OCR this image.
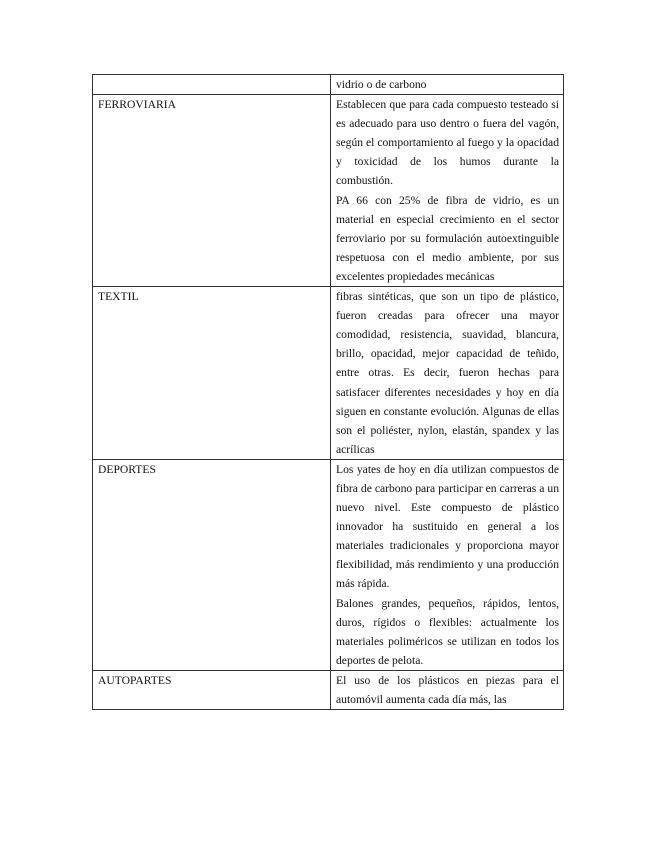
	vidrio o de carbono

FERROVIARIA	Establecen que para cada compuesto testeado si es adecuado para uso dentro o fuera del vagón, según el comportamiento al fuego y la opacidad y toxicidad de los humos durante la combustión.

PA 66 con 25% de fibra de vidrio, es un material en especial crecimiento en el sector ferroviario por su formulación autoextinguible respetuosa con el medio ambiente, por sus excelentes propiedades mecánicas

TEXTIL	fibras sintéticas, que son un tipo de plástico, fueron creadas para ofrecer una mayor comodidad, resistencia, suavidad, blancura, brillo, opacidad, mejor capacidad de teñido, entre otras. Es decir, fueron hechas para satisfacer diferentes necesidades y hoy en día siguen en constante evolución. Algunas de ellas son el poliéster, nylon, elastán, spandex y las acrílicas

DEPORTES	Los yates de hoy en día utilizan compuestos de fibra de carbono para participar en carreras a un nuevo nivel. Este compuesto de plástico innovador ha sustituido en general a los materiales tradicionales y proporciona mayor flexibilidad, más rendimiento y una producción más rápida.

Balones grandes, pequeños, rápidos, lentos, duros, rígidos o flexibles: actualmente los materiales poliméricos se utilizan en todos los deportes de pelota.

AUTOPARTES	El uso de los plásticos en piezas para el automóvil aumenta cada día más, las
